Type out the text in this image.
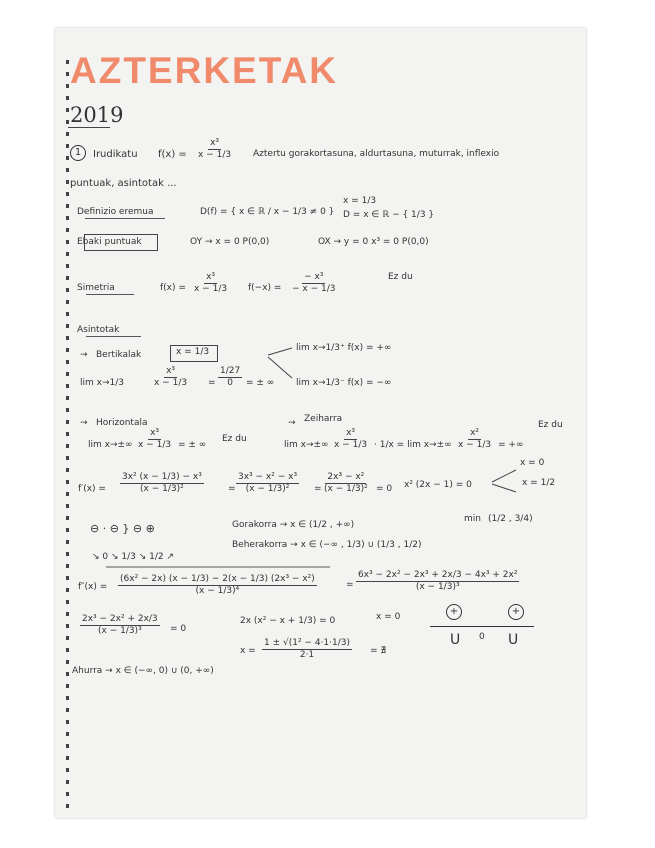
AZTERKETAK
2019
1	Irudikatu $f(x) = \frac{\text{x³}}{x - 1/3}$ Aztertu gorakortasuna, aldurtasuna, muturrak, inflexio
puntuak, asintotak ...
Definizio eremua	D(f) = { x ∈ ℝ / x − 1/3 ≠ 0 }
x = 1/3
D = x ∈ ℝ − { 1/3 }
Ebaki puntuak	OY → x = 0 P(0,0)	OX → y = 0 x³ = 0 P(0,0)
Simetria	$f(x) = \frac{\text{x³}}{x - 1/3} f(-x) = \frac{\text{− x³}}{- x - 1/3}$	Ez du
Asintotak
→ Bertikalak	x = 1/3	lim x→1/3⁺ f(x) = +∞
lim x→1/3⁻ f(x) = −∞
lim x→1/3	$\frac{\text{x³}}{x - 1/3} = \frac{1/27}{0}$ = ± ∞
→ Horizontala
$\lim x\to\pm\infty \frac{\text{x³}}{x - 1/3}$ = ± ∞
Ez du
→ Zeiharra
$\lim x\to\pm\infty \frac{\text{x³}}{x - 1/3} \cdot 1/x = \lim x\to\pm\infty \frac{\text{x²}}{x - 1/3}$ = +∞
Ez du
$f'(x) = \frac{\text{3x² (x − 1/3) − x³}}{\text{(x − 1/3)²}}$	= $\frac{\text{3x³ − x² − x³}}{\text{(x − 1/3)²}} = \frac{\text{2x³ − x²}}{\text{(x − 1/3)²}} = 0$ x² (2x − 1) = 0
x = 0
x = 1/2
⊖ · ⊖ } ⊖ ⊕
↘ 0 ↘ 1/3 ↘ 1/2 ↗
Gorakorra → x ∈ (1/2 , +∞)
Beherakorra → x ∈ (−∞ , 1/3) ∪ (1/3 , 1/2)
min (1/2 , 3/4)
$f''(x) = \frac{\text{(6x² − 2x) (x − 1/3) − 2(x − 1/3) (2x³ − x²)}}{\text{(x − 1/3)⁴}}$	= $\frac{\text{6x³ − 2x² − 2x³ + 2x/3 − 4x³ + 2x²}}{\text{(x − 1/3)³}}$
$\frac{\text{2x³ − 2x² + 2x/3}}{\text{(x − 1/3)³}} = 0$
2x (x² − x + 1/3) = 0	x = 0
$x = \frac{\text{1 ± √(1² − 4·1·1/3)}}{2\cdot 1}$ = ∄
+	+
U 0 U
Ahurra → x ∈ (−∞, 0) ∪ (0, +∞)
